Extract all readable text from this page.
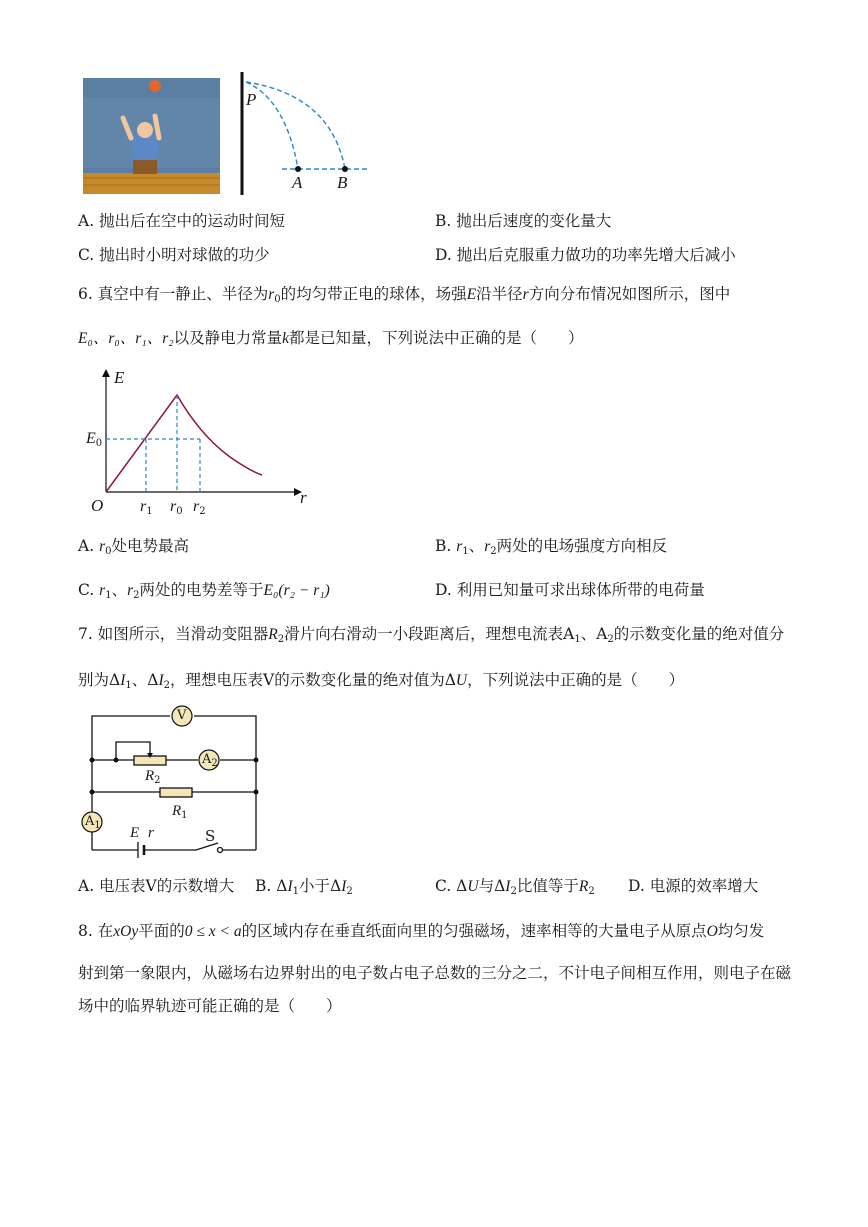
P
A B
A. 抛出后在空中的运动时间短	B. 抛出后速度的变化量大
C. 抛出时小明对球做的功少	D. 抛出后克服重力做功的功率先增大后减小
6. 真空中有一静止、半径为$r_0$的均匀带正电的球体，场强E沿半径r方向分布情况如图所示，图中
E₀、r₀、r₁、r₂以及静电力常量k都是已知量，下列说法中正确的是（　　）
E
r
O
$E_0$
$r_1$ $r_0$ $r_2$
A. $r_0$处电势最高	B. $r_1$、$r_2$两处的电场强度方向相反
C. $r_1$、$r_2$两处的电势差等于E₀(r₂ − r₁)	D. 利用已知量可求出球体所带的电荷量
7. 如图所示，当滑动变阻器$R_2$滑片向右滑动一小段距离后，理想电流表$A_1$、$A_2$的示数变化量的绝对值分
别为$\Delta I_1$、$\Delta I_2$，理想电压表V的示数变化量的绝对值为ΔU，下列说法中正确的是（　　）
V
$A_2$
$A_1$
$R_2$
$R_1$
E r	S
A. 电压表V的示数增大 B. $\Delta I_1$小于$\Delta I_2$	C. ΔU与$\Delta I_2$比值等于$R_2$ D. 电源的效率增大
8. 在xOy平面的0 ≤ x < a的区域内存在垂直纸面向里的匀强磁场，速率相等的大量电子从原点O均匀发
射到第一象限内，从磁场右边界射出的电子数占电子总数的三分之二，不计电子间相互作用，则电子在磁
场中的临界轨迹可能正确的是（　　）
